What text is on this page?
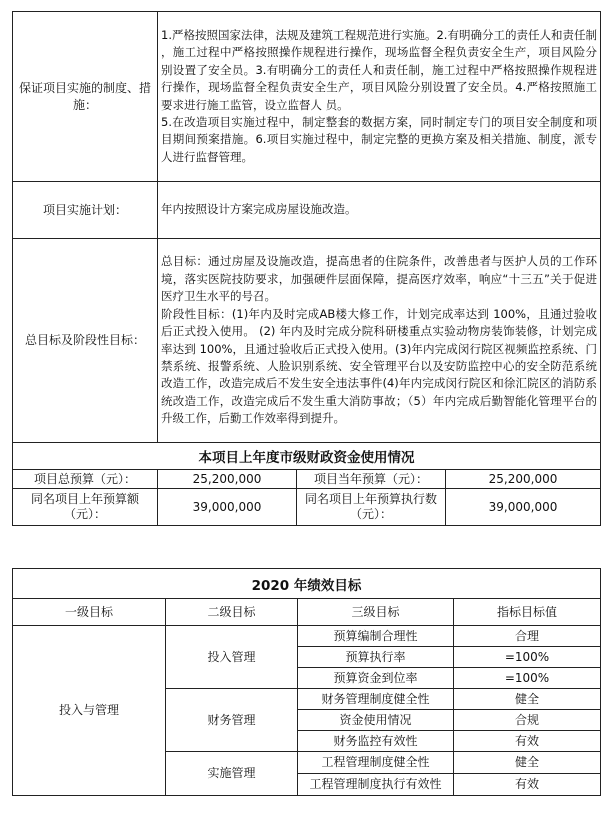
保证项目实施的制度、措施：	1.严格按照国家法律，法规及建筑工程规范进行实施。2.有明确分工的责任人和责任制

，施工过程中严格按照操作规程进行操作，现场监督全程负责安全生产，项目风险分别设置了安全员。3.有明确分工的责任人和责任制，施工过程中严格按照操作规程进行操作，现场监督全程负责安全生产，项目风险分别设置了安全员。4.严格按照施工要求进行施工监管，设立监督人 员。

5.在改造项目实施过程中，制定整套的数据方案，同时制定专门的项目安全制度和项目期间预案措施。6.项目实施过程中，制定完整的更换方案及相关措施、制度，派专人进行监督管理。		

项目实施计划：	年内按照设计方案完成房屋设施改造。		
总目标及阶段性目标：	总目标：通过房屋及设施改造，提高患者的住院条件，改善患者与医护人员的工作环境，落实医院技防要求，加强硬件层面保障，提高医疗效率，响应“十三五”关于促进医疗卫生水平的号召。

阶段性目标：(1)年内及时完成AB楼大修工作，计划完成率达到 100%，且通过验收后正式投入使用。 (2) 年内及时完成分院科研楼重点实验动物房装饰装修，计划完成率达到 100%，且通过验收后正式投入使用。(3)年内完成闵行院区视频监控系统、门禁系统、报警系统、人脸识别系统、安全管理平台以及安防监控中心的安全防范系统改造工作，改造完成后不发生安全违法事件(4)年内完成闵行院区和徐汇院区的消防系统改造工作，改造完成后不发生重大消防事故；（5）年内完成后勤智能化管理平台的升级工作，后勤工作效率得到提升。		

本项目上年度市级财政资金使用情况			
项目总预算（元）：	25,200,000	项目当年预算（元）：	25,200,000
同名项目上年预算额（元）：	39,000,000	同名项目上年预算执行数（元）：	39,000,000
2020 年绩效目标			
一级目标	二级目标	三级目标	指标目标值
投入与管理	投入管理	预算编制合理性	合理
		预算执行率	=100%
		预算资金到位率	=100%
	财务管理	财务管理制度健全性	健全
		资金使用情况	合规
		财务监控有效性	有效
	实施管理	工程管理制度健全性	健全
		工程管理制度执行有效性	有效
